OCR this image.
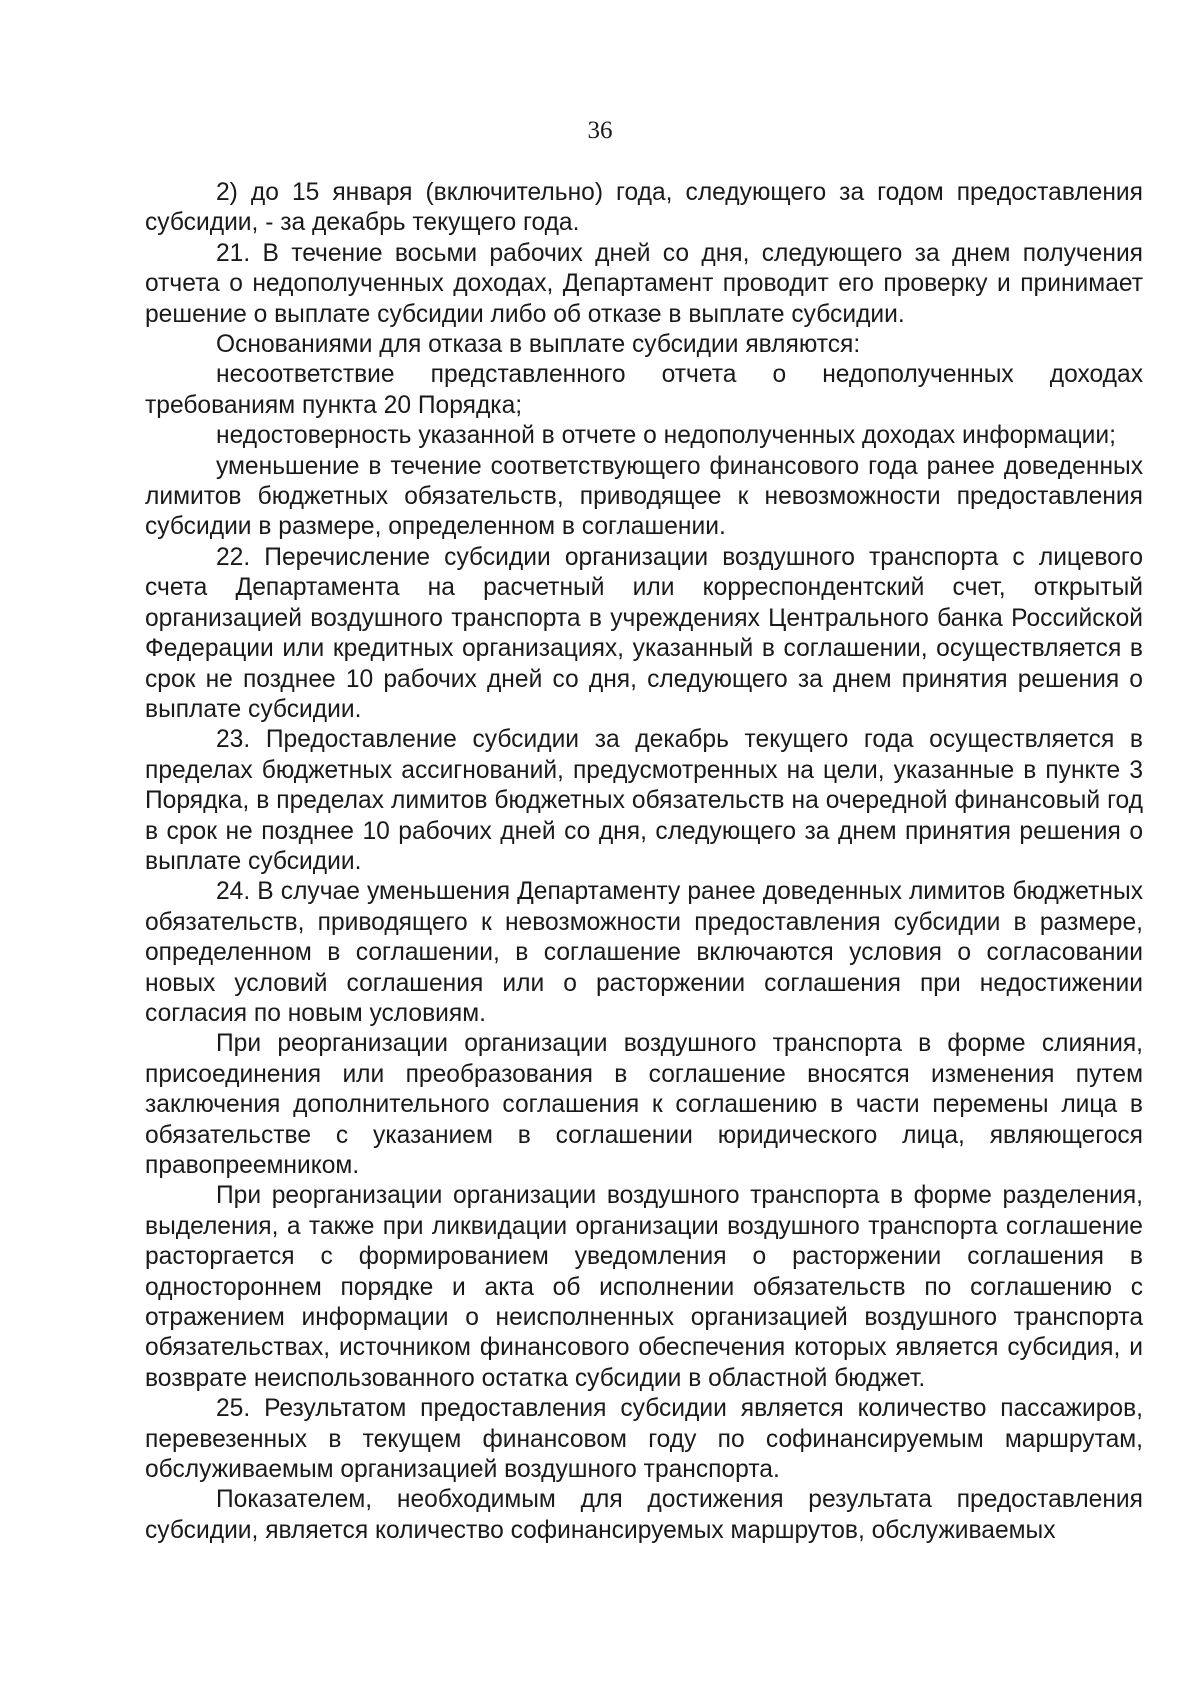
36

2) до 15 января (включительно) года, следующего за годом предоставления субсидии, - за декабрь текущего года.

21. В течение восьми рабочих дней со дня, следующего за днем получения отчета о недополученных доходах, Департамент проводит его проверку и принимает решение о выплате субсидии либо об отказе в выплате субсидии.

Основаниями для отказа в выплате субсидии являются:

несоответствие представленного отчета о недополученных доходах требованиям пункта 20 Порядка;

недостоверность указанной в отчете о недополученных доходах информации;

уменьшение в течение соответствующего финансового года ранее доведенных лимитов бюджетных обязательств, приводящее к невозможности предоставления субсидии в размере, определенном в соглашении.

22. Перечисление субсидии организации воздушного транспорта с лицевого счета Департамента на расчетный или корреспондентский счет, открытый организацией воздушного транспорта в учреждениях Центрального банка Российской Федерации или кредитных организациях, указанный в соглашении, осуществляется в срок не позднее 10 рабочих дней со дня, следующего за днем принятия решения о выплате субсидии.

23. Предоставление субсидии за декабрь текущего года осуществляется в пределах бюджетных ассигнований, предусмотренных на цели, указанные в пункте 3 Порядка, в пределах лимитов бюджетных обязательств на очередной финансовый год в срок не позднее 10 рабочих дней со дня, следующего за днем принятия решения о выплате субсидии.

24. В случае уменьшения Департаменту ранее доведенных лимитов бюджетных обязательств, приводящего к невозможности предоставления субсидии в размере, определенном в соглашении, в соглашение включаются условия о согласовании новых условий соглашения или о расторжении соглашения при недостижении согласия по новым условиям.

При реорганизации организации воздушного транспорта в форме слияния, присоединения или преобразования в соглашение вносятся изменения путем заключения дополнительного соглашения к соглашению в части перемены лица в обязательстве с указанием в соглашении юридического лица, являющегося правопреемником.

При реорганизации организации воздушного транспорта в форме разделения, выделения, а также при ликвидации организации воздушного транспорта соглашение расторгается с формированием уведомления о расторжении соглашения в одностороннем порядке и акта об исполнении обязательств по соглашению с отражением информации о неисполненных организацией воздушного транспорта обязательствах, источником финансового обеспечения которых является субсидия, и возврате неиспользованного остатка субсидии в областной бюджет.

25. Результатом предоставления субсидии является количество пассажиров, перевезенных в текущем финансовом году по софинансируемым маршрутам, обслуживаемым организацией воздушного транспорта.

Показателем, необходимым для достижения результата предоставления субсидии, является количество софинансируемых маршрутов, обслуживаемых
